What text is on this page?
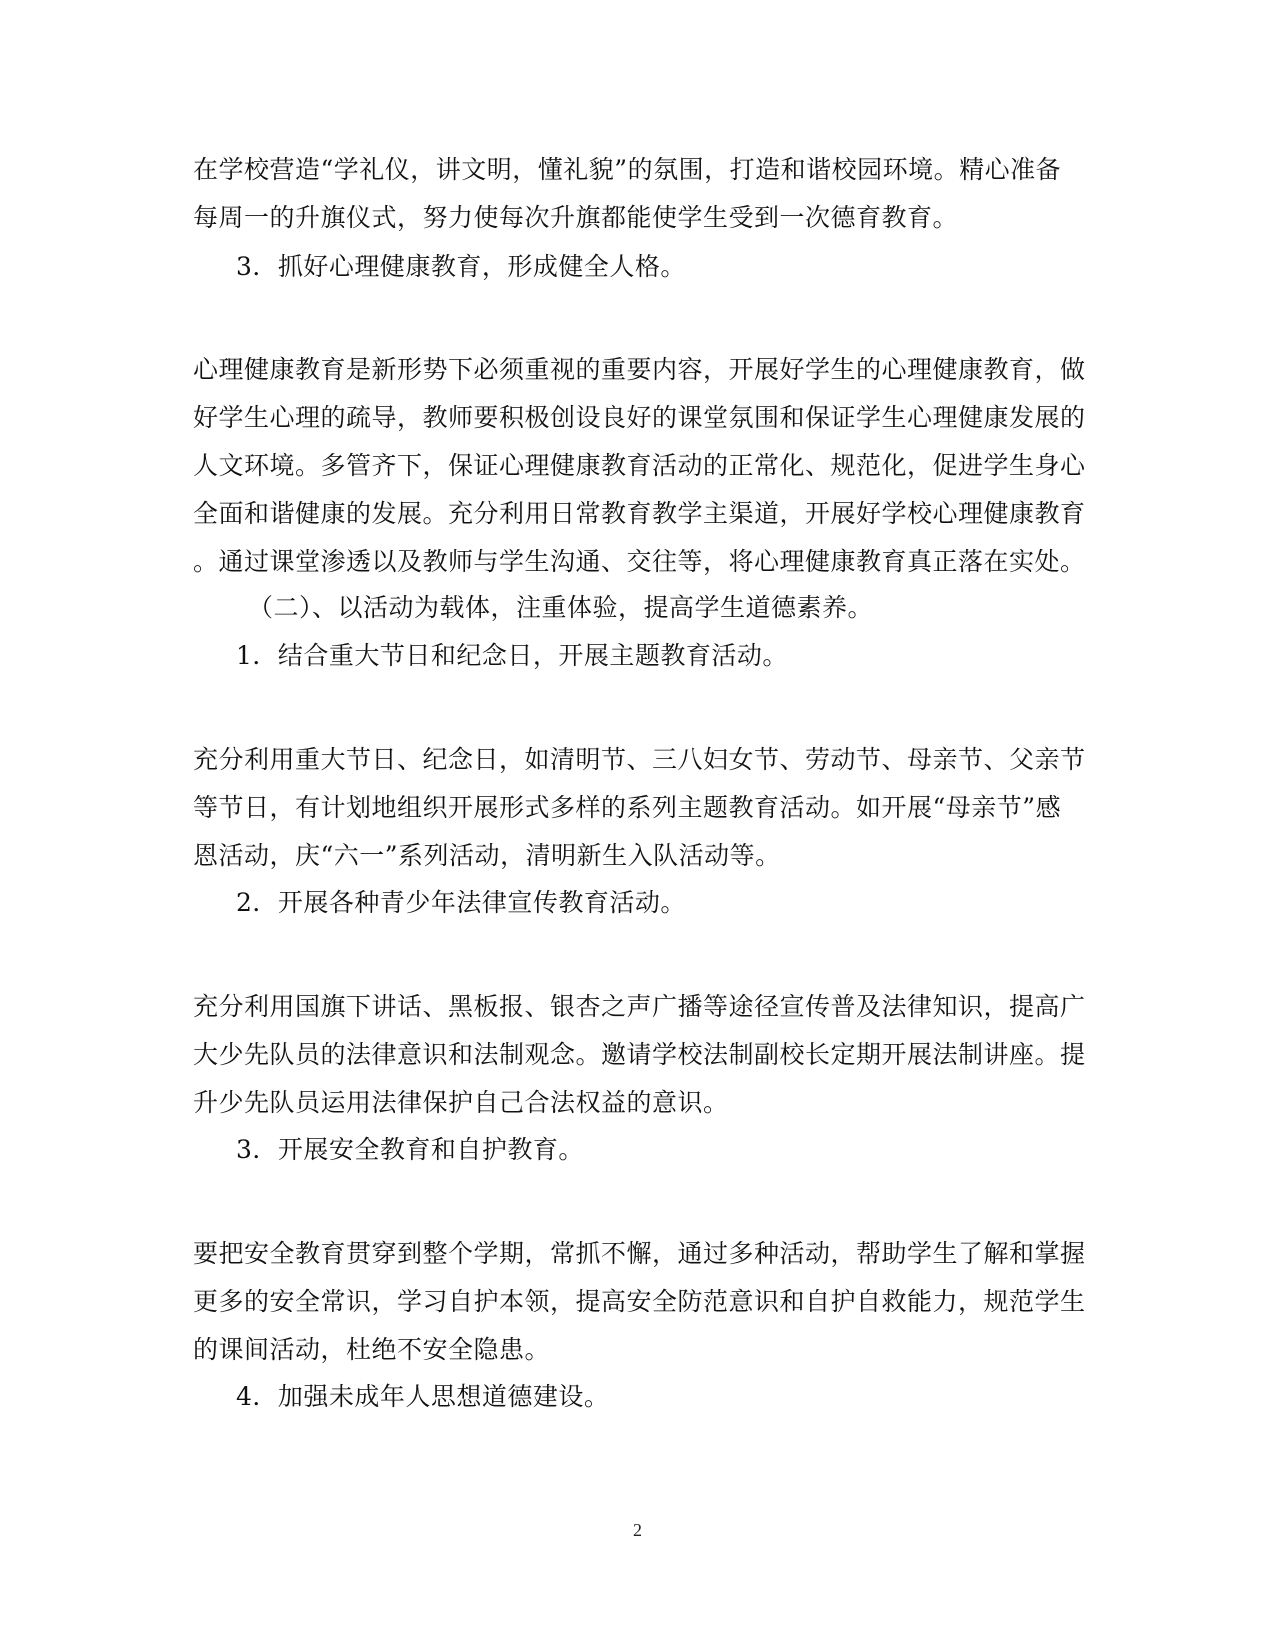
在学校营造“学礼仪，讲文明，懂礼貌”的氛围，打造和谐校园环境。精心准备
每周一的升旗仪式，努力使每次升旗都能使学生受到一次德育教育。
3．抓好心理健康教育，形成健全人格。
心理健康教育是新形势下必须重视的重要内容，开展好学生的心理健康教育，做
好学生心理的疏导，教师要积极创设良好的课堂氛围和保证学生心理健康发展的
人文环境。多管齐下，保证心理健康教育活动的正常化、规范化，促进学生身心
全面和谐健康的发展。充分利用日常教育教学主渠道，开展好学校心理健康教育
。通过课堂渗透以及教师与学生沟通、交往等，将心理健康教育真正落在实处。
（二）、以活动为载体，注重体验，提高学生道德素养。
1．结合重大节日和纪念日，开展主题教育活动。
充分利用重大节日、纪念日，如清明节、三八妇女节、劳动节、母亲节、父亲节
等节日，有计划地组织开展形式多样的系列主题教育活动。如开展“母亲节”感
恩活动，庆“六一”系列活动，清明新生入队活动等。
2．开展各种青少年法律宣传教育活动。
充分利用国旗下讲话、黑板报、银杏之声广播等途径宣传普及法律知识，提高广
大少先队员的法律意识和法制观念。邀请学校法制副校长定期开展法制讲座。提
升少先队员运用法律保护自己合法权益的意识。
3．开展安全教育和自护教育。
要把安全教育贯穿到整个学期，常抓不懈，通过多种活动，帮助学生了解和掌握
更多的安全常识，学习自护本领，提高安全防范意识和自护自救能力，规范学生
的课间活动，杜绝不安全隐患。
4．加强未成年人思想道德建设。
2
